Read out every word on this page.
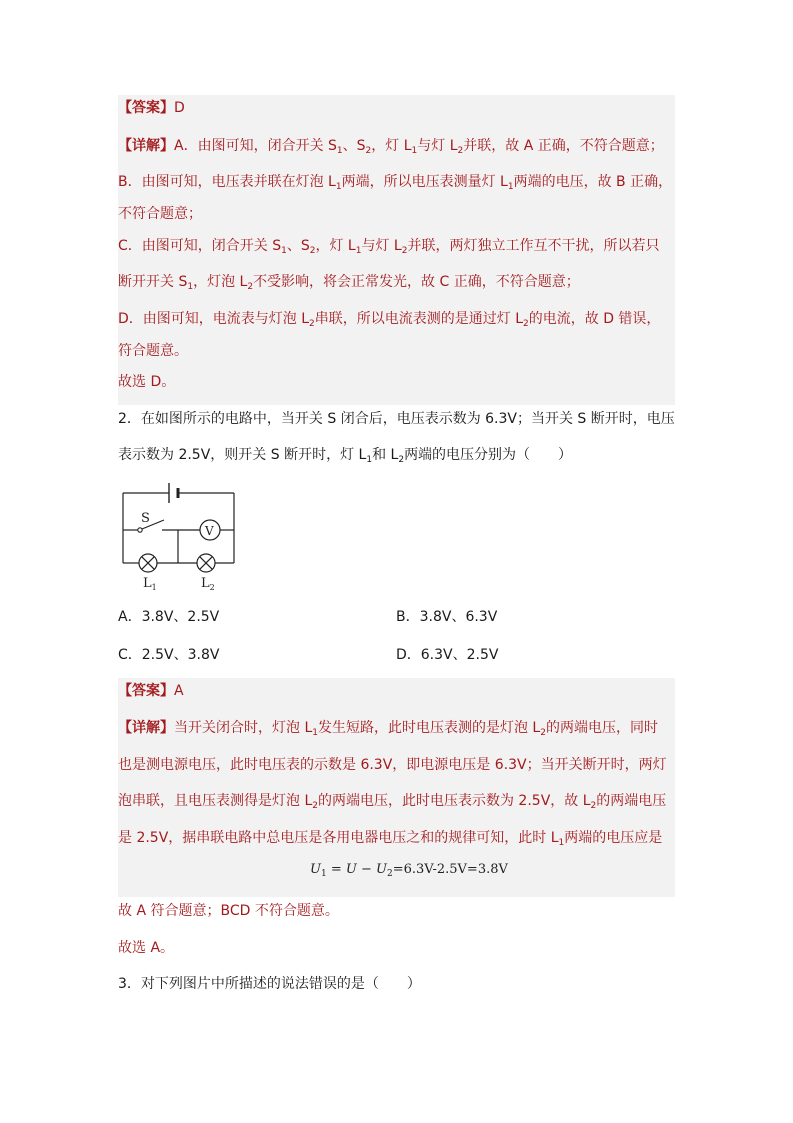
【答案】D
【详解】A．由图可知，闭合开关 $S_1$、$S_2$，灯 $L_1$与灯 $L_2$并联，故 A 正确，不符合题意；
B．由图可知，电压表并联在灯泡 $L_1$两端，所以电压表测量灯 $L_1$两端的电压，故 B 正确，
不符合题意；
C．由图可知，闭合开关 $S_1$、$S_2$，灯 $L_1$与灯 $L_2$并联，两灯独立工作互不干扰，所以若只
断开开关 $S_1$，灯泡 $L_2$不受影响，将会正常发光，故 C 正确，不符合题意；
D．由图可知，电流表与灯泡 $L_2$串联，所以电流表测的是通过灯 $L_2$的电流，故 D 错误，
符合题意。
故选 D。
2．在如图所示的电路中，当开关 S 闭合后，电压表示数为 6.3V；当开关 S 断开时，电压
表示数为 2.5V，则开关 S 断开时，灯 $L_1$和 $L_2$两端的电压分别为（　　）
S
V
$L_1$	$L_2$
A．3.8V、2.5V	B．3.8V、6.3V
C．2.5V、3.8V	D．6.3V、2.5V
【答案】A
【详解】当开关闭合时，灯泡 $L_1$发生短路，此时电压表测的是灯泡 $L_2$的两端电压，同时
也是测电源电压，此时电压表的示数是 6.3V，即电源电压是 6.3V；当开关断开时，两灯
泡串联，且电压表测得是灯泡 $L_2$的两端电压，此时电压表示数为 2.5V，故 $L_2$的两端电压
是 2.5V，据串联电路中总电压是各用电器电压之和的规律可知，此时 $L_1$两端的电压应是
$U_1 = U - U_2=6.3V-2.5V=3.8V$
故 A 符合题意；BCD 不符合题意。
故选 A。
3．对下列图片中所描述的说法错误的是（　　）
